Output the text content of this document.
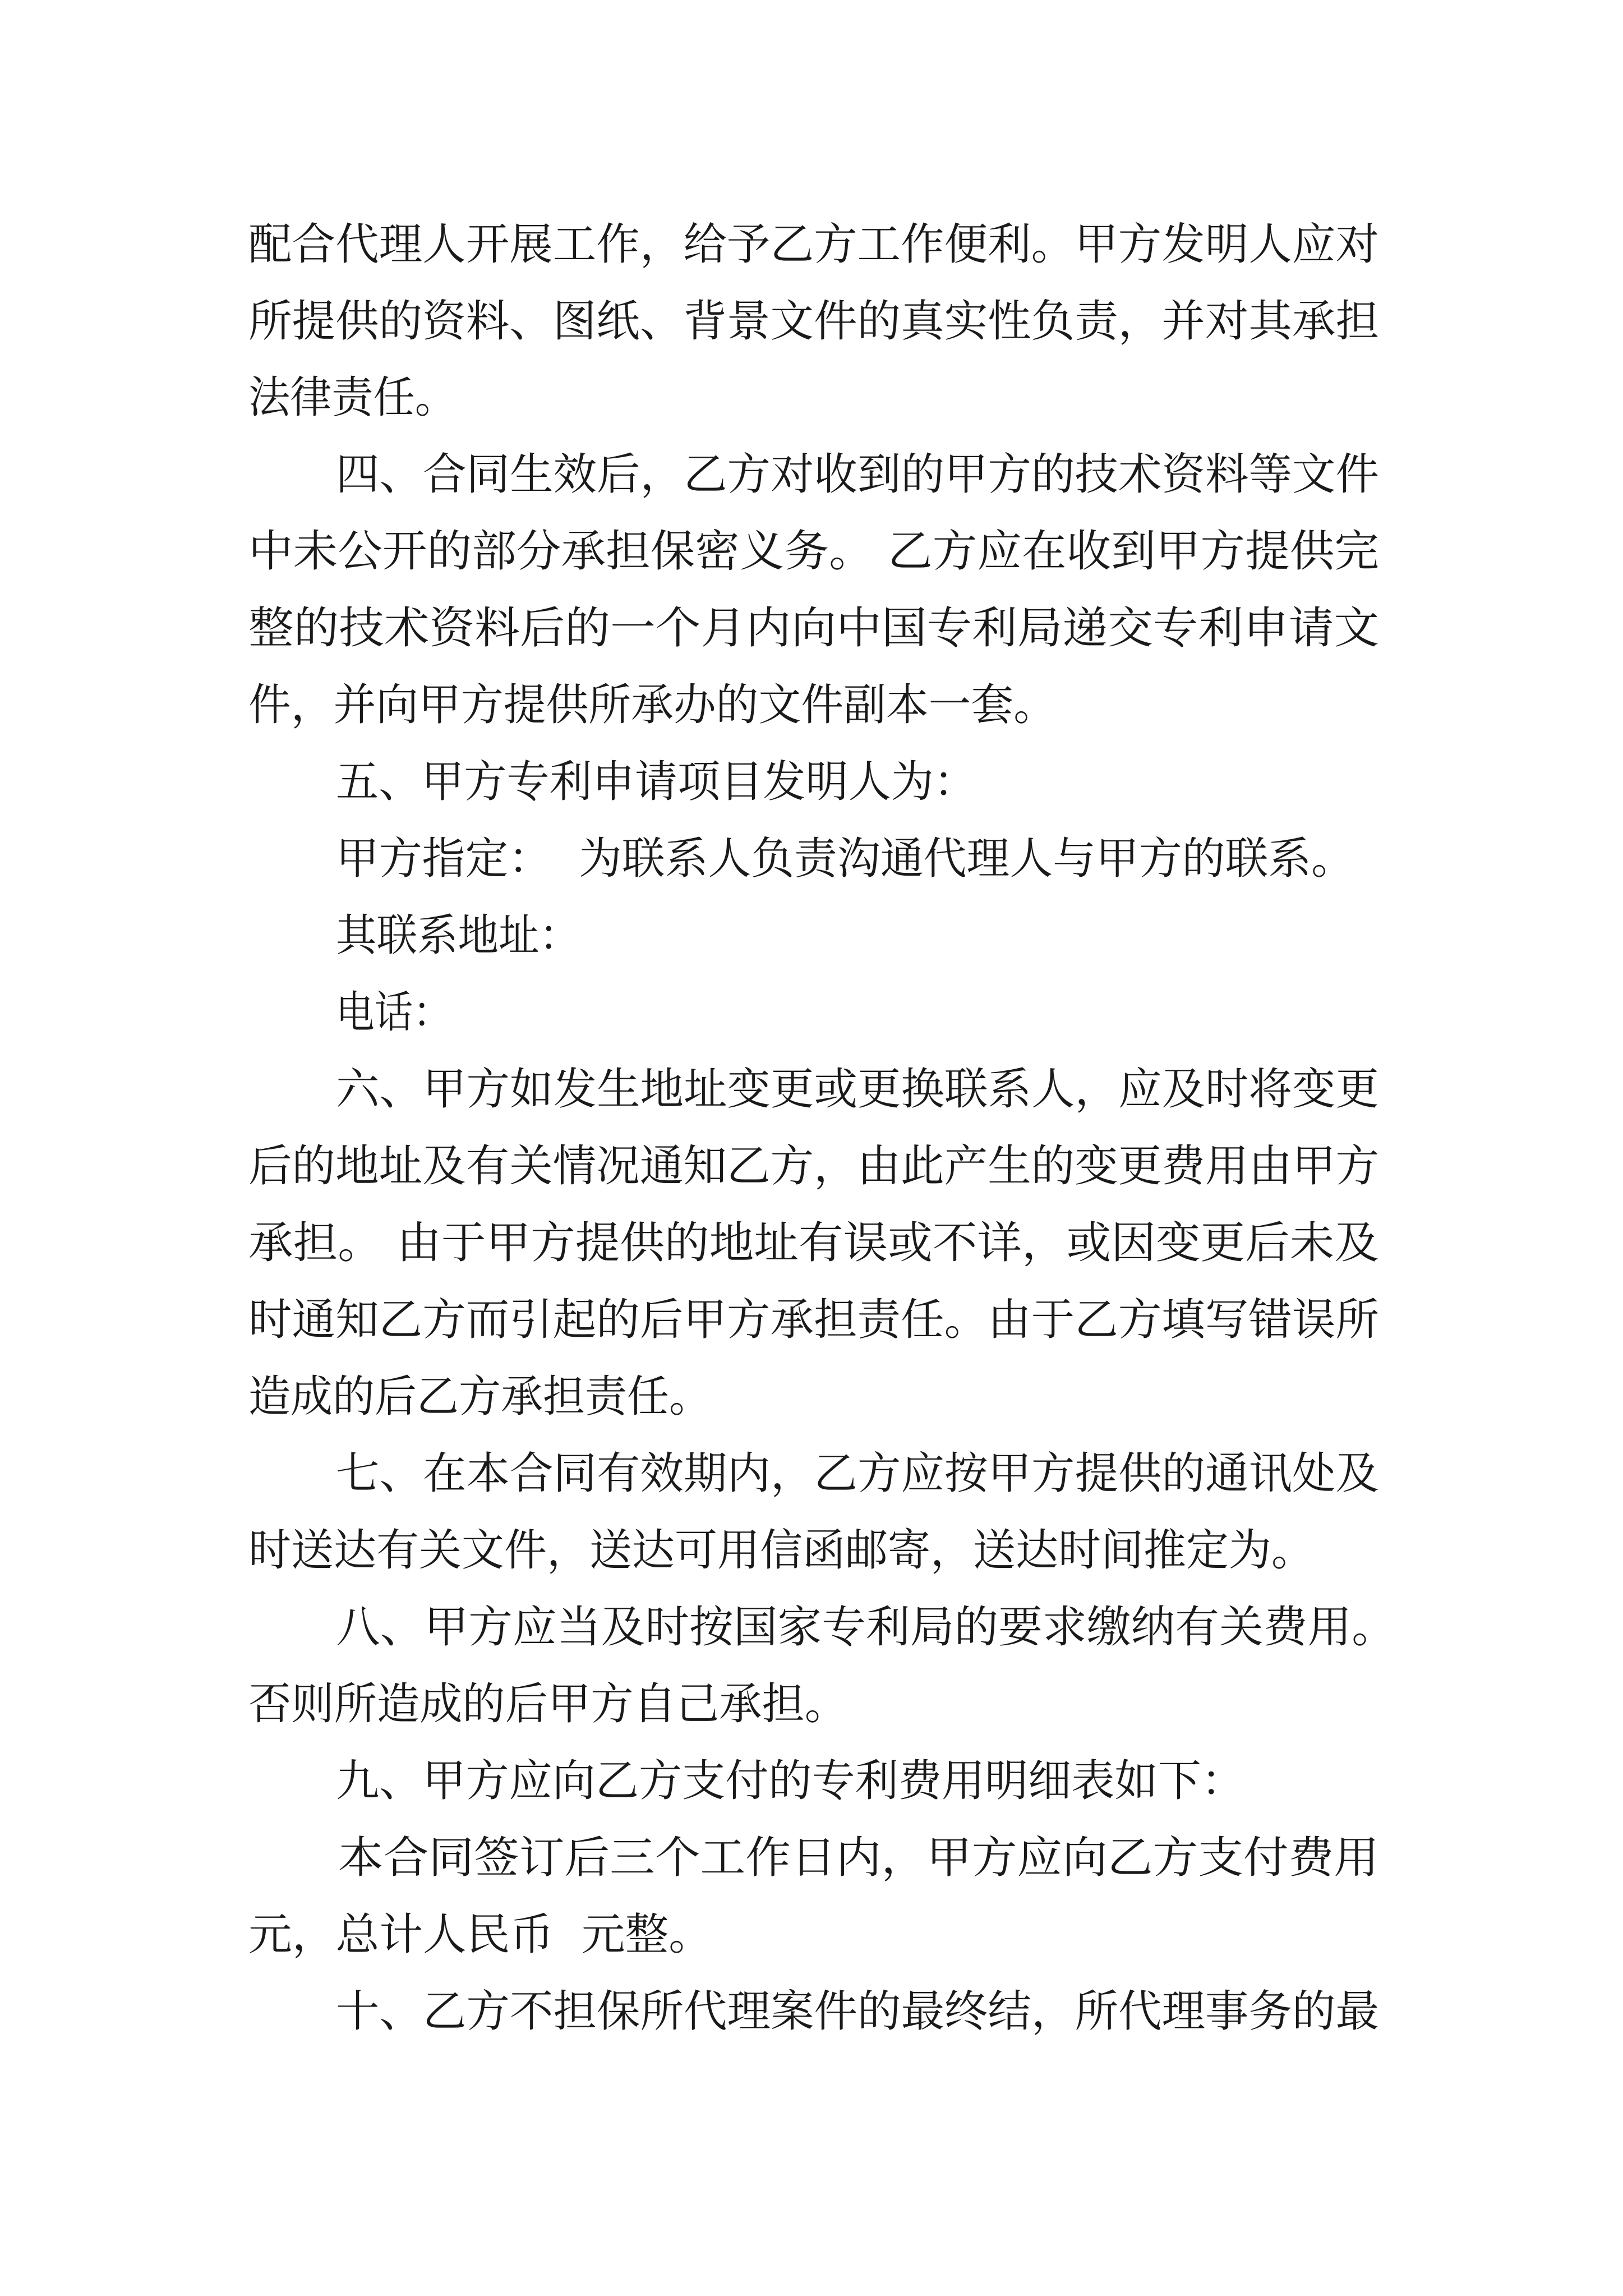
配合代理人开展工作，给予乙方工作便利。甲方发明人应对
所提供的资料、图纸、背景文件的真实性负责，并对其承担
法律责任。
四、合同生效后，乙方对收到的甲方的技术资料等文件
中未公开的部分承担保密义务。 乙方应在收到甲方提供完
整的技术资料后的一个月内向中国专利局递交专利申请文
件，并向甲方提供所承办的文件副本一套。
五、甲方专利申请项目发明人为：
甲方指定：  为联系人负责沟通代理人与甲方的联系。
其联系地址：
电话：
六、甲方如发生地址变更或更换联系人，应及时将变更
后的地址及有关情况通知乙方，由此产生的变更费用由甲方
承担。 由于甲方提供的地址有误或不详，或因变更后未及
时通知乙方而引起的后甲方承担责任。由于乙方填写错误所
造成的后乙方承担责任。
七、在本合同有效期内，乙方应按甲方提供的通讯处及
时送达有关文件，送达可用信函邮寄，送达时间推定为。
八、甲方应当及时按国家专利局的要求缴纳有关费用。
否则所造成的后甲方自己承担。
九、甲方应向乙方支付的专利费用明细表如下：
本合同签订后三个工作日内，甲方应向乙方支付费用
元，总计人民币  元整。
十、乙方不担保所代理案件的最终结，所代理事务的最
